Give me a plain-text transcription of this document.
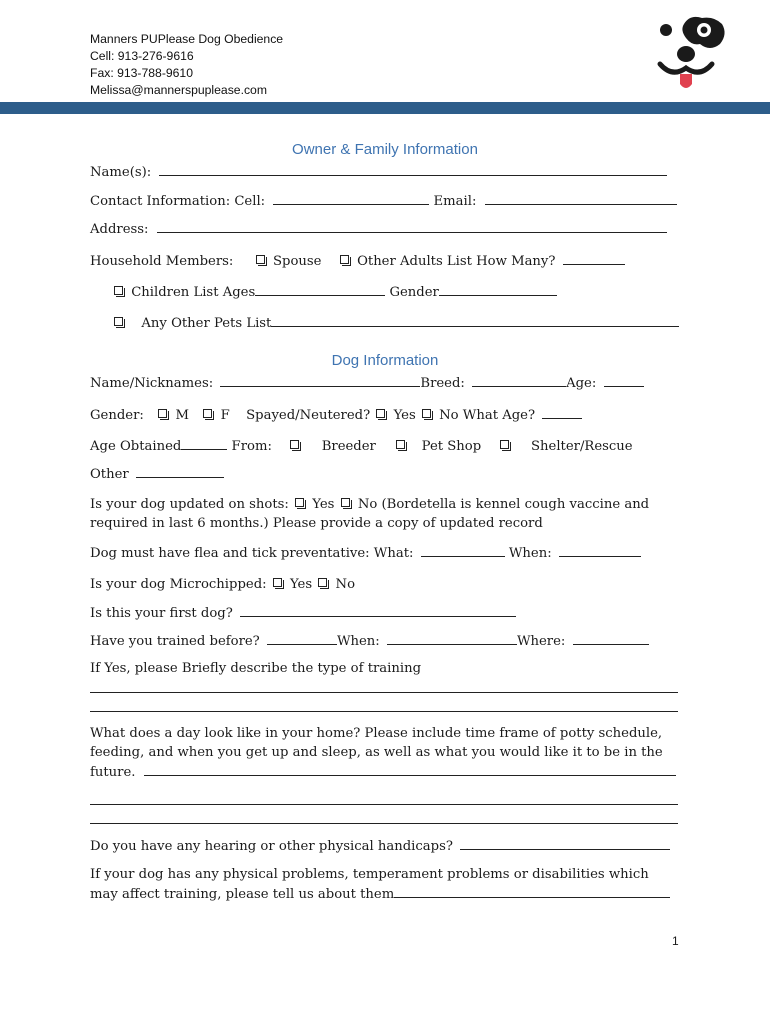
Manners PUPlease Dog Obedience
Cell: 913-276-9616
Fax: 913-788-9610
Melissa@mannerspuplease.com
Owner & Family Information
Name(s):
Contact Information: Cell:	Email:
Address:
Household Members:	Spouse	Other Adults List How Many?
Children List Ages	Gender
Any Other Pets List
Dog Information
Name/Nicknames:	Breed:	Age:
Gender: M F Spayed/Neutered? Yes No What Age?
Age Obtained	From:	Breeder	Pet Shop	Shelter/Rescue
Other
Is your dog updated on shots: Yes No (Bordetella is kennel cough vaccine and required in last 6 months.) Please provide a copy of updated record
Dog must have flea and tick preventative: What:	When:
Is your dog Microchipped: Yes No
Is this your first dog?
Have you trained before?	When:	Where:
If Yes, please Briefly describe the type of training
What does a day look like in your home? Please include time frame of potty schedule, feeding, and when you get up and sleep, as well as what you would like it to be in the future.
Do you have any hearing or other physical handicaps?
If your dog has any physical problems, temperament problems or disabilities which may affect training, please tell us about them
1
